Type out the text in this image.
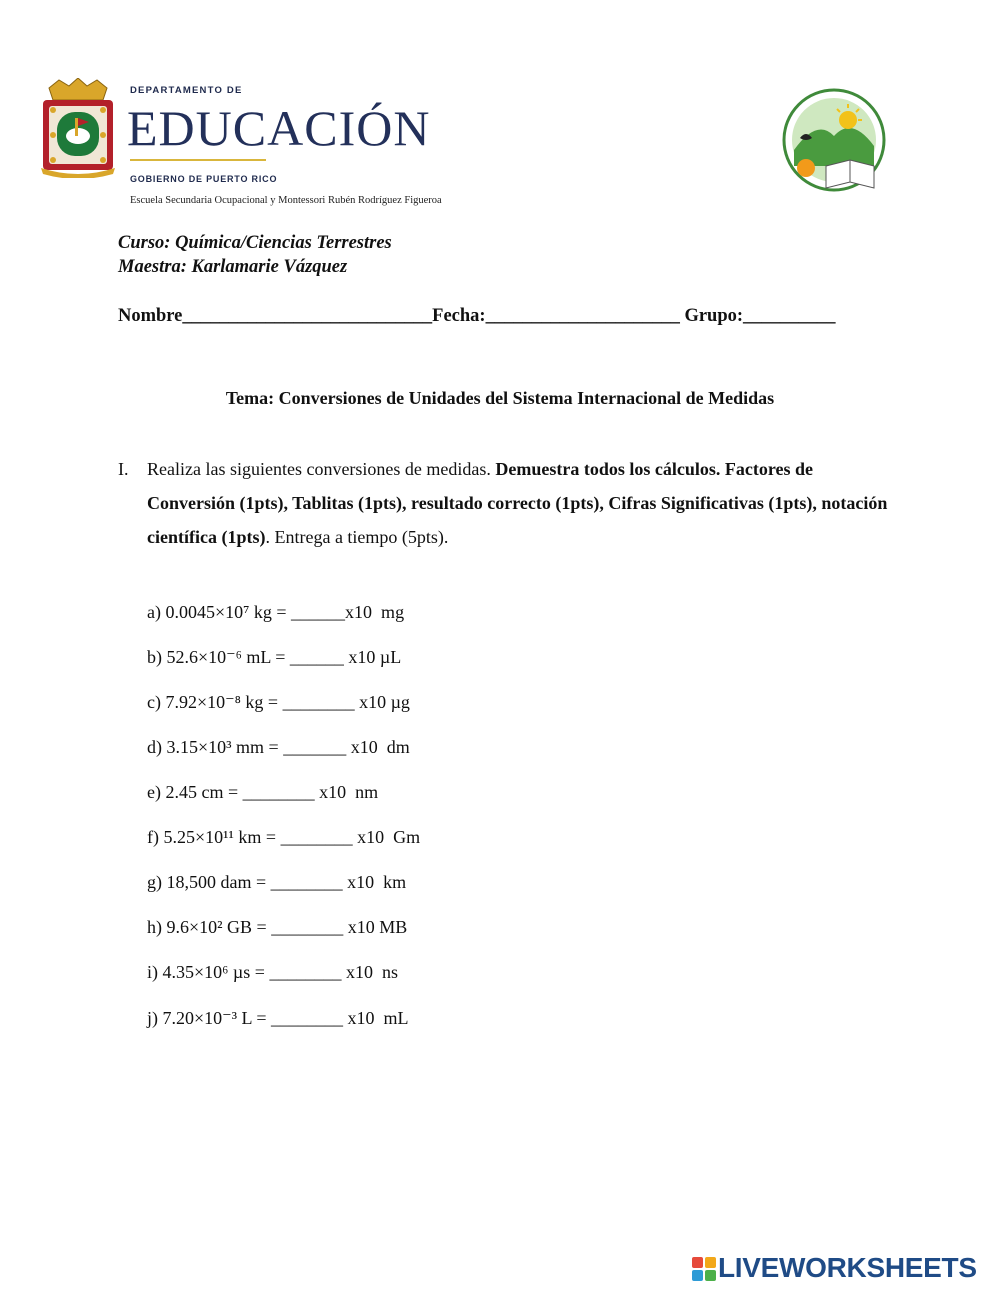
DEPARTAMENTO DE
EDUCACIÓN
GOBIERNO DE PUERTO RICO
Escuela Secundaria Ocupacional y Montessori Rubén Rodríguez Figueroa
Curso: Química/Ciencias Terrestres
Maestra: Karlamarie Vázquez
Nombre___________________________Fecha:_____________________ Grupo:__________
Tema: Conversiones de Unidades del Sistema Internacional de Medidas
I. Realiza las siguientes conversiones de medidas. Demuestra todos los cálculos. Factores de Conversión (1pts), Tablitas (1pts), resultado correcto (1pts), Cifras Significativas (1pts), notación científica (1pts). Entrega a tiempo (5pts).
a) 0.0045×10⁷ kg = ______x10  mg
b) 52.6×10⁻⁶ mL = ______ x10 µL
c) 7.92×10⁻⁸ kg = ________ x10 µg
d) 3.15×10³ mm = _______ x10  dm
e) 2.45 cm = ________ x10  nm
f) 5.25×10¹¹ km = ________ x10  Gm
g) 18,500 dam = ________ x10  km
h) 9.6×10² GB = ________ x10 MB
i) 4.35×10⁶ µs = ________ x10  ns
j) 7.20×10⁻³ L = ________ x10  mL
LIVEWORKSHEETS
